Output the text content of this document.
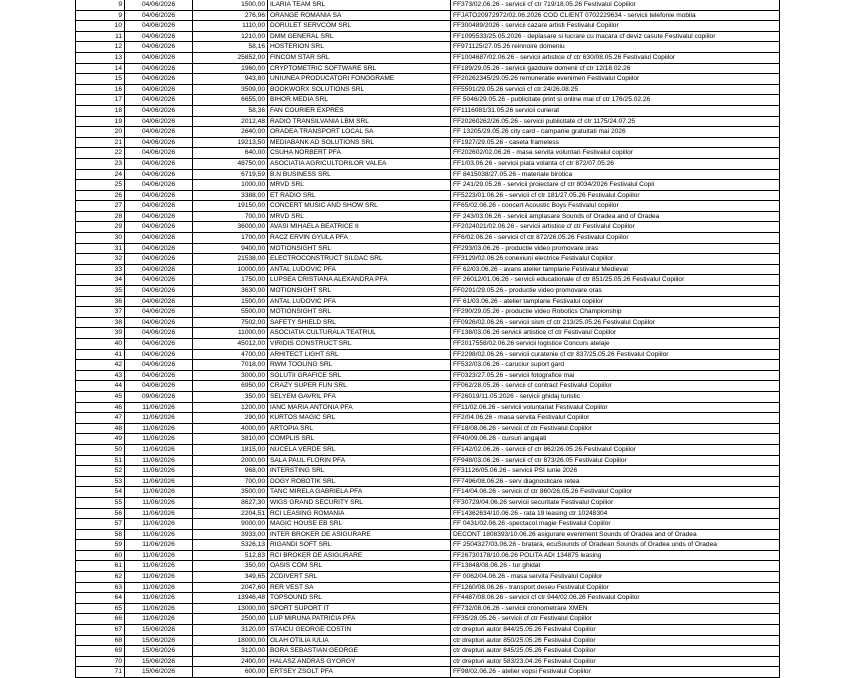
9	04/06/2026	1500,00	ILARIA TEAM SRL	FF373/02.06.26 - servicii cf ctr 719/18.05.26 Festivalul Copiilor
9	04/06/2026	276,96	ORANGE ROMANIA SA	FFJATO20972972/02.06.2026 COD CLIENT 0702229634 - servicii telefonie mobila
10	04/06/2026	1110,00	DORULET SERVCOM SRL	FF300489/2026 - servicii cazare artisti Festivalul Copiilor
11	04/06/2026	1210,00	DMM GENERAL SRL	FF1095533/25.05.2026 - deplasare si lucrare cu macara cf deviz casute Festivalul copiilor
12	04/06/2026	58,16	HOSTERION SRL	FF971125/27.05.26 reinnoire domeniu
13	04/06/2026	25852,00	FINCOM STAR SRL	FF1004687/02.06.26 - servicii artistice cf ctr 630/08.05.26 Festivalul Copiilor
14	04/06/2026	1960,00	CRYPTOMETRIC SOFTWARE SRL	FF189/29.05.26 - servicii gazduire domenii cf ctr 12/18.02.26
15	04/06/2026	943,80	UNIUNEA PRODUCATORI FONOGRAME	FF20262345/29.05.26 remuneratie evenimen Festivalul Copiilor
16	04/06/2026	3509,00	BOOKWORX SOLUTIONS SRL	FF5591/29.05.26 servicii cf ctr 24/26.08.25
17	04/06/2026	6655,00	BIHOR MEDIA SRL	FF 5046/29.05.26 - publicitate print si online mai cf ctr 176/25.02.26
18	04/06/2026	58,36	FAN COURIER EXPRES	FF1116081/31.05.26 servicii curierat
19	04/06/2026	2012,48	RADIO TRANSILVANIA LBM SRL	FF20260262/26.05.26 - servicii publicitate cf ctr 1175/24.07.25
20	04/06/2026	2640,00	ORADEA TRANSPORT LOCAL SA	FF 13205/29.05.26 city card - campanie gratuitati mai 2026
21	04/06/2026	19213,50	MEDIABANK AD SOLUTIONS SRL	FF1927/29.05.26 - caseta frameless
22	04/06/2026	640,00	CSUHA NORBERT PFA	FF202602/02.06.26 - masa servita voluntari Festivalul copiilor
23	04/06/2026	48750,00	ASOCIATIA AGRICULTORILOR VALEA	FF1/03.06.26 - servicii piata volanta cf ctr 872/07.05.26
24	04/06/2026	6719,59	B.N BUSINESS SRL	FF 8415038/27.05.26 - materiale birotica
25	04/06/2026	1000,00	MRVD SRL	FF 241/29.05.26 - servicii proiectare cf ctr 8034/2026 Festivalul Copii
26	04/06/2026	3388,00	ET RADIO SRL	FF5223/01.06.26 - servicii cf ctr 181/27.05.26 Festivalul Copiilor
27	04/06/2026	19150,00	CONCERT MUSIC AND SHOW SRL	FF65/02.06.26 - concert Acoustic Boys Festivalul copiilor
28	04/06/2026	700,00	MRVD SRL	FF 243/03.06.26 - servicii amplasare Sounds of Oradea and of Oradea
29	04/06/2026	36000,00	AVASI MIHAELA BEATRICE II	FF2024021/02.06.26 - servicii artistice cf ctr Festivalul Copiilor
30	04/06/2026	1700,00	RACZ ERVIN GYULA PFA	FF6/02.06.26 - servicii cf ctr 872/26.05.26 Festivalul Copiilor
31	04/06/2026	9400,00	MOTIONSIGHT SRL	FF293/03.06.26 - productie video promovare oras
32	04/06/2026	21538,00	ELECTROCONSTRUCT SILDAC SRL	FF3129/02.06.26 conexiuni electrice Festivalul Copiilor
33	04/06/2026	10000,00	ANTAL LUDOVIC PFA	FF 62/03.06.26 - avans atelier tamplarie Festivalul Medieval
34	04/06/2026	1750,00	LUPSEA CRISTIANA ALEXANDRA PFA	FF 26012/01.06.26 - servicii educationale cf ctr 851/25.05.26 Festivalul Copiilor
35	04/06/2026	3630,00	MOTIONSIGHT SRL	FF0291/29.05.26 - productie video promovare oras
36	04/06/2026	1500,00	ANTAL LUDOVIC PFA	FF 61/03.06.26 - atelier tamplarie Festivalul copiilor
37	04/06/2026	5500,00	MOTIONSIGHT SRL	FF290/29.05.26 - productie video Robotics Championship
38	04/06/2026	7502,00	SAFETY SHIELD SRL	FF0926/02.06.26 - servicii sism cf ctr 213/25.05.26 Festivalul Copiilor
39	04/06/2026	11000,00	ASOCIATIA CULTURALA TEATRUL	FF138/03.06.26 servicii artistice cf ctr Festivalul Copiilor
40	04/06/2026	45012,00	VIRIDIS CONSTRUCT SRL	FF2017558/02.06.26 servicii logistice Concurs atelaje
41	04/06/2026	4700,00	ARHITECT LIGHT SRL	FF2298/02.06.26 - servicii curatenie cf ctr 837/25.05.26 Festivalul Copiilor
42	04/06/2026	7018,00	RWM TOOLING SRL	FF532/03.06.26 - caruciur suport gard
43	04/06/2026	3000,00	SOLUTII GRAFICE SRL	FF0323/27.05.26 - servicii fotografice mai
44	04/06/2026	6950,00	CRAZY SUPER FUN SRL	FF062/28.05.26 - servicii cf contract Festivalul Copiilor
45	09/06/2026	350,00	SELYEM GAVRIL PFA	FF26019/11.05.2026 - servicii ghidaj turistic
46	11/06/2026	1200,00	IANC MARIA ANTONIA PFA	FF11/02.06.26 - servicii voluntariat Festivalul Copiilor
47	11/06/2026	290,00	KURTOS MAGIC SRL	FF2/04.06.26 - masa servita Festivalul Copiilor
48	11/06/2026	4000,00	ARTOPIA SRL	FF18/08.06.26 - servicii cf ctr Festivalul Copiilor
49	11/06/2026	3810,00	COMPLIS SRL	FF40/09.06.26 - cursuri angajati
50	11/06/2026	1815,00	NUCELA VERDE SRL	FF142/02.06.26 - servicii cf ctr 862/26.05.26 Festivalul Copiilor
51	11/06/2026	2000,00	SALA PAUL FLORIN PFA	FF948/03.06.26 - servicii cf ctr 873/26.05 Festivalul Copiilor
52	11/06/2026	968,00	INTERSTING SRL	FF31126/05.06.26 - servicii PSI iunie 2026
53	11/06/2026	700,00	DOGY ROBOTIK SRL	FF7496/08.06.26 - serv diagnosticare retea
54	11/06/2026	3500,00	TANC MIRELA GABRIELA PFA	FF14/04.06.26 - servicii cf ctr 860/26.05.26 Festivalul Copiilor
55	11/06/2026	8627,30	WIGS GRAND SECURITY SRL	FF30729/04.06.26 servicii securitate Festivalul Copiilor
56	11/06/2026	2204,51	RCI LEASING ROMANIA	FF14362634/10.06.26 - rata 19 leasing ctr 10248304
57	11/06/2026	9000,00	MAGIC HOUSE EB SRL	FF 0431/02.06.26 -spectacol magie Festivalul Copiilor
58	11/06/2026	3933,00	INTER BROKER DE ASIGURARE	DECONT 1808393/10.06.26 asigurare eveniment Sounds of Oradea and of Oradea
59	11/06/2026	5326,13	RIGANDI SOFT SRL	FF 2504327/03.06.26 - bratara, ecuSounds of Oradean Sounds of Oradea unds of Oradea
60	11/06/2026	512,83	RCI BROKER DE ASIGURARE	FF26730178/10.06.26 POLITA ADI 134875 leasing
61	11/06/2026	350,00	OASIS COM SRL	FF13848/08.06.26 - tur ghidat
62	11/06/2026	349,65	ZCDIVERT SRL	FF 0062/04.06.26 - masa servita Festivalul Copiilor
63	11/06/2026	2047,60	RER VEST SA	FF1260/08.06.26 - transport deseu Festivalul Copiilor
64	11/06/2026	13946,48	TOPSOUND SRL	FF4487/08.06.26 - servicii cf ctr 944/02.06.26 Festivalul Copiilor
65	11/06/2026	13000,00	SPORT SUPORT IT	FF732/08.06.26 - servicii cronometrare XMEN
66	11/06/2026	2500,00	LUP MIRUNA PATRICIA PFA	FF35/28.05.26 - servicii cf ctr Festivalul Copiilor
67	15/06/2026	3120,00	STAICU GEORGE COSTIN	ctr drepturi autor 844/25.05.26 Festivalul Copiilor
68	15/06/2026	18000,00	OLAH OTILIA IULIA	ctr drepturi autor 850/25.05.26 Festivalul Copiilor
69	15/06/2026	3120,00	BORA SEBASTIAN GEORGE	ctr drepturi autor 845/25.05.26 Festivalul Copiilor
70	15/06/2026	2400,00	HALASZ ANDRAS GYORGY	ctr drepturi autor 583/23.04.26 Festivalul Copiilor
71	15/06/2026	600,00	ERTSEY ZSOLT PFA	FF98/02.06.26 - atelier vopsi Festivalul Copiilor
